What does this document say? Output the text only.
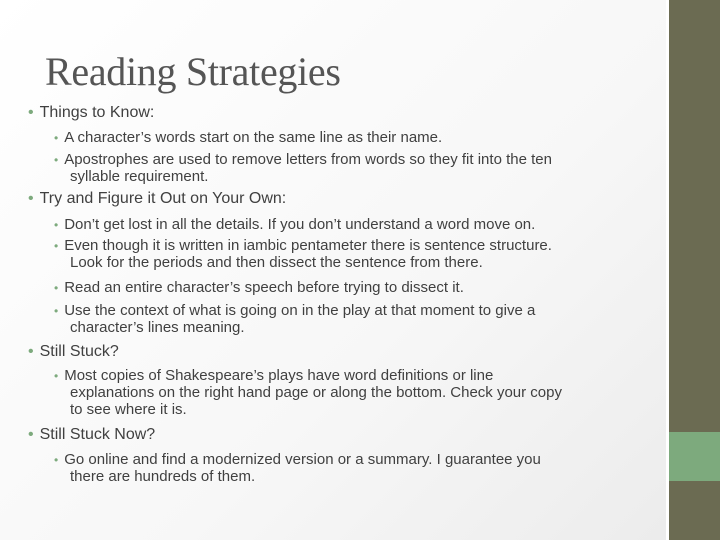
Reading Strategies
• Things to Know:
• A character’s words start on the same line as their name.
• Apostrophes are used to remove letters from words so they fit into the ten
syllable requirement.
• Try and Figure it Out on Your Own:
• Don’t get lost in all the details. If you don’t understand a word move on.
• Even though it is written in iambic pentameter there is sentence structure.
Look for the periods and then dissect the sentence from there.
• Read an entire character’s speech before trying to dissect it.
• Use the context of what is going on in the play at that moment to give a
character’s lines meaning.
• Still Stuck?
• Most copies of Shakespeare’s plays have word definitions or line
explanations on the right hand page or along the bottom. Check your copy
to see where it is.
• Still Stuck Now?
• Go online and find a modernized version or a summary. I guarantee you
there are hundreds of them.
